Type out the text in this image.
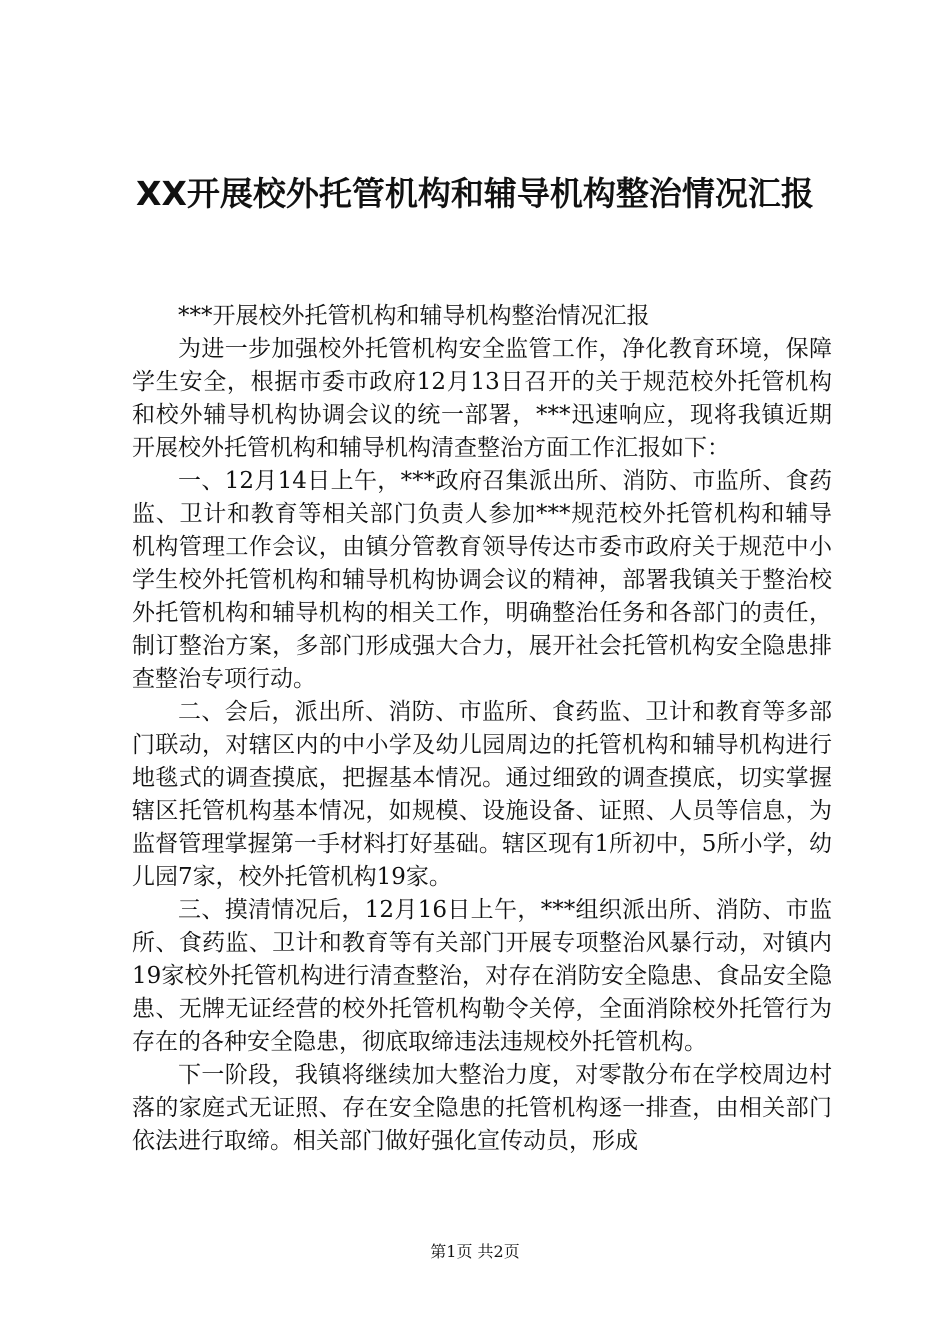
XX开展校外托管机构和辅导机构整治情况汇报

***开展校外托管机构和辅导机构整治情况汇报

为进一步加强校外托管机构安全监管工作，净化教育环境，保障学生安全，根据市委市政府12月13日召开的关于规范校外托管机构和校外辅导机构协调会议的统一部署，***迅速响应，现将我镇近期开展校外托管机构和辅导机构清查整治方面工作汇报如下：

一、12月14日上午，***政府召集派出所、消防、市监所、食药监、卫计和教育等相关部门负责人参加***规范校外托管机构和辅导机构管理工作会议，由镇分管教育领导传达市委市政府关于规范中小学生校外托管机构和辅导机构协调会议的精神，部署我镇关于整治校外托管机构和辅导机构的相关工作，明确整治任务和各部门的责任，制订整治方案，多部门形成强大合力，展开社会托管机构安全隐患排查整治专项行动。

二、会后，派出所、消防、市监所、食药监、卫计和教育等多部门联动，对辖区内的中小学及幼儿园周边的托管机构和辅导机构进行地毯式的调查摸底，把握基本情况。通过细致的调查摸底，切实掌握辖区托管机构基本情况，如规模、设施设备、证照、人员等信息，为监督管理掌握第一手材料打好基础。辖区现有1所初中，5所小学，幼儿园7家，校外托管机构19家。

三、摸清情况后，12月16日上午，***组织派出所、消防、市监所、食药监、卫计和教育等有关部门开展专项整治风暴行动，对镇内19家校外托管机构进行清查整治，对存在消防安全隐患、食品安全隐患、无牌无证经营的校外托管机构勒令关停，全面消除校外托管行为存在的各种安全隐患，彻底取缔违法违规校外托管机构。

下一阶段，我镇将继续加大整治力度，对零散分布在学校周边村落的家庭式无证照、存在安全隐患的托管机构逐一排查，由相关部门依法进行取缔。相关部门做好强化宣传动员，形成

第1页 共2页
